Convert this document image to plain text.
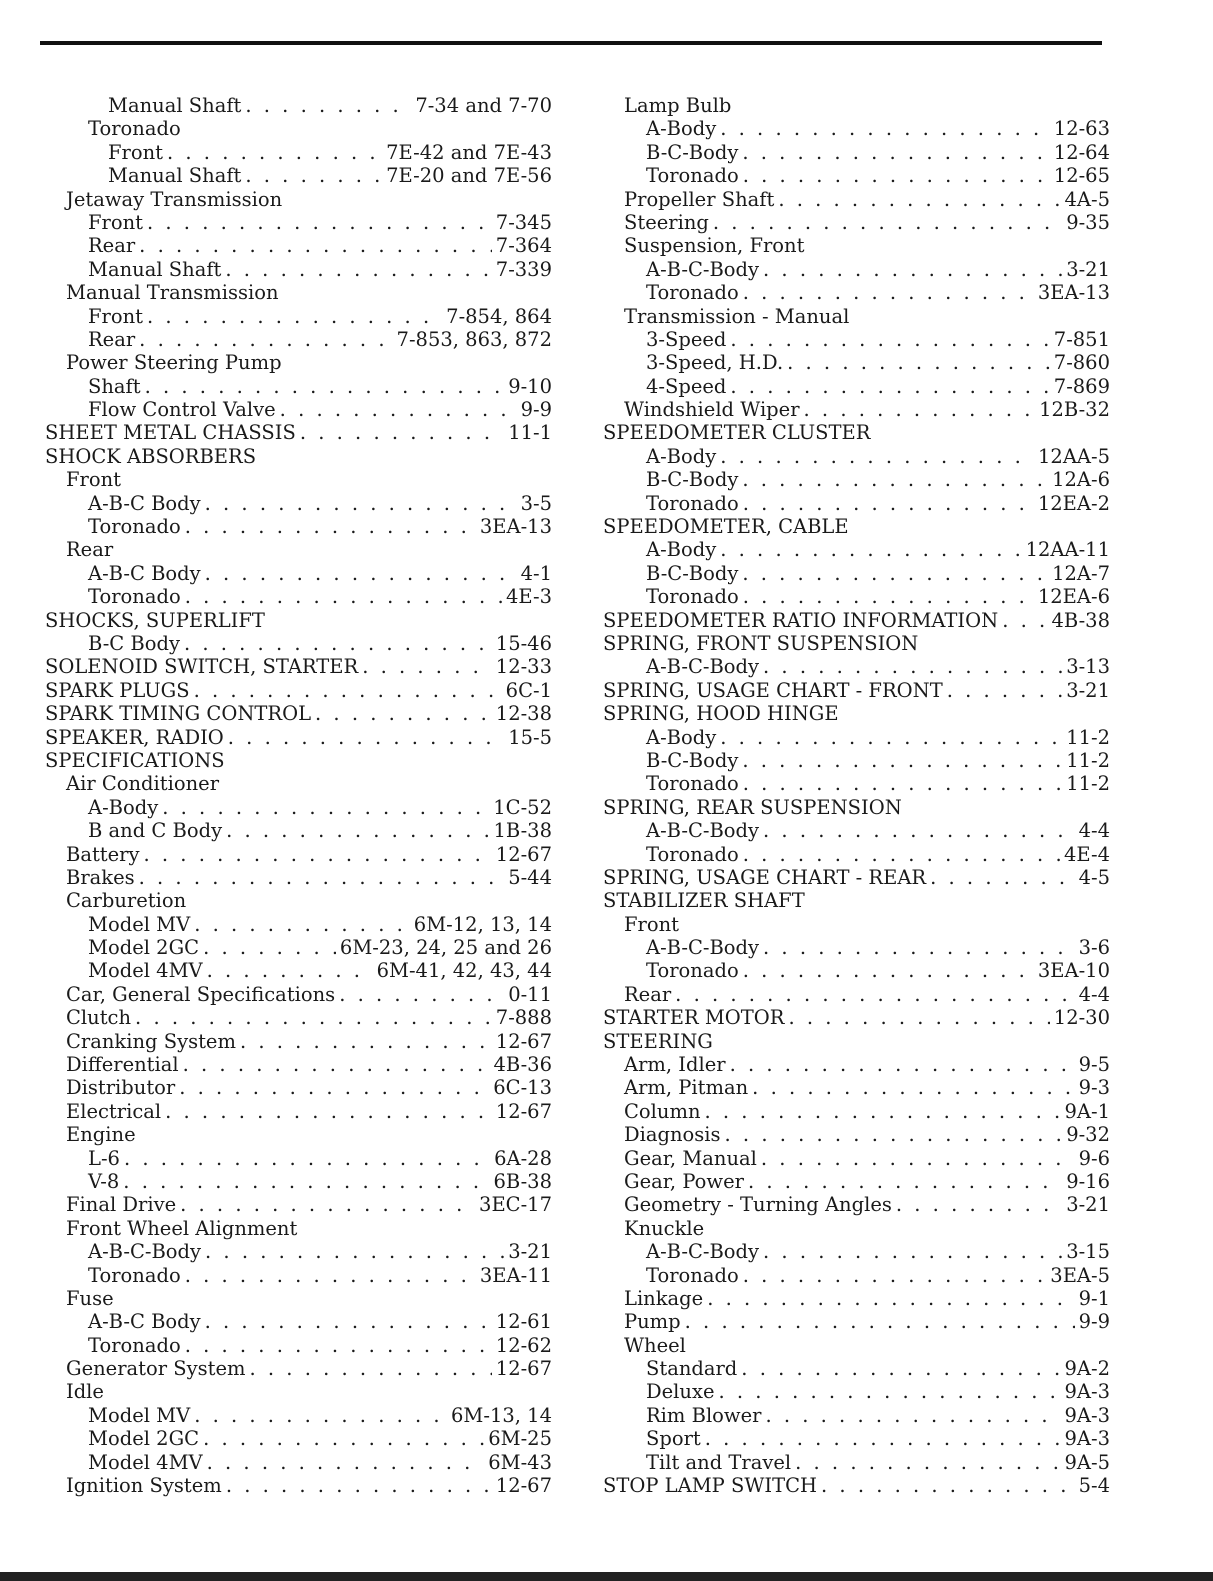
Manual Shaft . . .	7-34 and 7-70
Toronado
Front . . .	7E-42 and 7E-43
Manual Shaft . . .	7E-20 and 7E-56
Jetaway Transmission
Front . . .	7-345
Rear . . .	7-364
Manual Shaft . . .	7-339
Manual Transmission
Front . . .	7-854, 864
Rear . . .	7-853, 863, 872
Power Steering Pump
Shaft . . .	9-10
Flow Control Valve . . .	9-9
SHEET METAL CHASSIS . . .	11-1
SHOCK ABSORBERS
Front
A-B-C Body . . .	3-5
Toronado . . .	3EA-13
Rear
A-B-C Body . . .	4-1
Toronado . . .	4E-3
SHOCKS, SUPERLIFT
B-C Body . . .	15-46
SOLENOID SWITCH, STARTER . . .	12-33
SPARK PLUGS . . .	6C-1
SPARK TIMING CONTROL . . .	12-38
SPEAKER, RADIO . . .	15-5
SPECIFICATIONS
Air Conditioner
A-Body . . .	1C-52
B and C Body . . .	1B-38
Battery . . .	12-67
Brakes . . .	5-44
Carburetion
Model MV . . .	6M-12, 13, 14
Model 2GC . . .	6M-23, 24, 25 and 26
Model 4MV . . .	6M-41, 42, 43, 44
Car, General Specifications . . .	0-11
Clutch . . .	7-888
Cranking System . . .	12-67
Differential . . .	4B-36
Distributor . . .	6C-13
Electrical . . .	12-67
Engine
L-6 . . .	6A-28
V-8 . . .	6B-38
Final Drive . . .	3EC-17
Front Wheel Alignment
A-B-C-Body . . .	3-21
Toronado . . .	3EA-11
Fuse
A-B-C Body . . .	12-61
Toronado . . .	12-62
Generator System . . .	12-67
Idle
Model MV . . .	6M-13, 14
Model 2GC . . .	6M-25
Model 4MV . . .	6M-43
Ignition System . . .	12-67
Lamp Bulb
A-Body . . .	12-63
B-C-Body . . .	12-64
Toronado . . .	12-65
Propeller Shaft . . .	4A-5
Steering . . .	9-35
Suspension, Front
A-B-C-Body . . .	3-21
Toronado . . .	3EA-13
Transmission - Manual
3-Speed . . .	7-851
3-Speed, H.D. . . .	7-860
4-Speed . . .	7-869
Windshield Wiper . . .	12B-32
SPEEDOMETER CLUSTER
A-Body . . .	12AA-5
B-C-Body . . .	12A-6
Toronado . . .	12EA-2
SPEEDOMETER, CABLE
A-Body . . .	12AA-11
B-C-Body . . .	12A-7
Toronado . . .	12EA-6
SPEEDOMETER RATIO INFORMATION . . .	4B-38
SPRING, FRONT SUSPENSION
A-B-C-Body . . .	3-13
SPRING, USAGE CHART - FRONT . . .	3-21
SPRING, HOOD HINGE
A-Body . . .	11-2
B-C-Body . . .	11-2
Toronado . . .	11-2
SPRING, REAR SUSPENSION
A-B-C-Body . . .	4-4
Toronado . . .	4E-4
SPRING, USAGE CHART - REAR . . .	4-5
STABILIZER SHAFT
Front
A-B-C-Body . . .	3-6
Toronado . . .	3EA-10
Rear . . .	4-4
STARTER MOTOR . . .	12-30
STEERING
Arm, Idler . . .	9-5
Arm, Pitman . . .	9-3
Column . . .	9A-1
Diagnosis . . .	9-32
Gear, Manual . . .	9-6
Gear, Power . . .	9-16
Geometry - Turning Angles . . .	3-21
Knuckle
A-B-C-Body . . .	3-15
Toronado . . .	3EA-5
Linkage . . .	9-1
Pump . . .	9-9
Wheel
Standard . . .	9A-2
Deluxe . . .	9A-3
Rim Blower . . .	9A-3
Sport . . .	9A-3
Tilt and Travel . . .	9A-5
STOP LAMP SWITCH . . .	5-4
